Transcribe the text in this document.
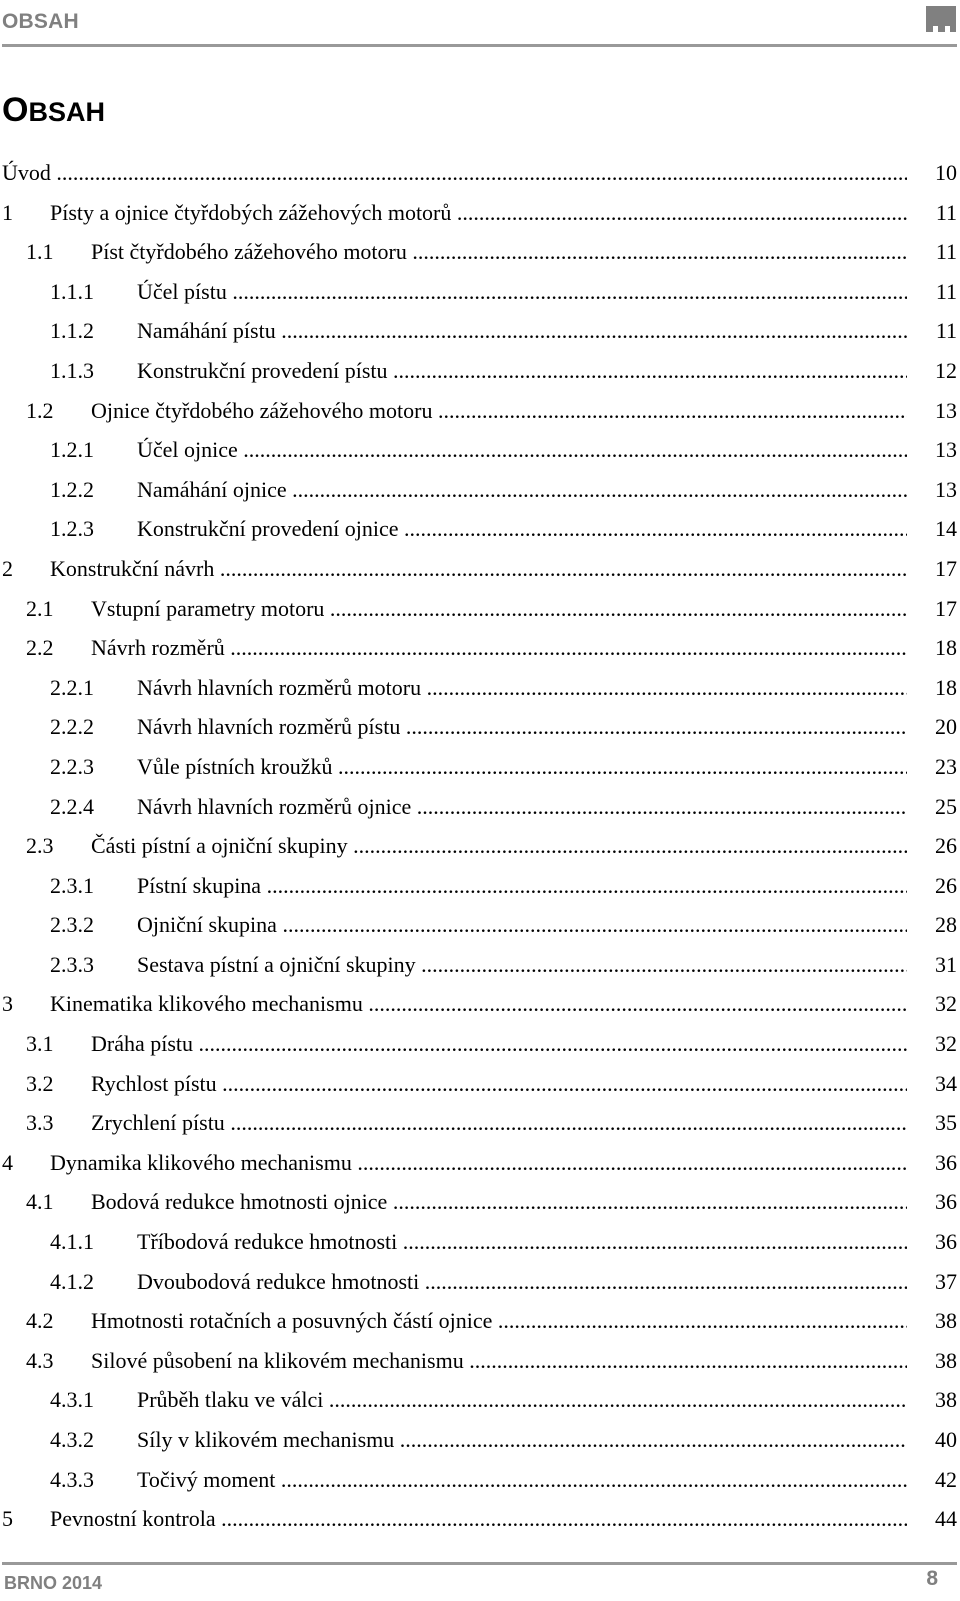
OBSAH
OBSAH
Úvod .....	10
1 Písty a ojnice čtyřdobých zážehových motorů .....	11
1.1 Píst čtyřdobého zážehového motoru .....	11
1.1.1 Účel pístu .....	11
1.1.2 Namáhání pístu .....	11
1.1.3 Konstrukční provedení pístu .....	12
1.2 Ojnice čtyřdobého zážehového motoru .....	13
1.2.1 Účel ojnice .....	13
1.2.2 Namáhání ojnice .....	13
1.2.3 Konstrukční provedení ojnice .....	14
2 Konstrukční návrh .....	17
2.1 Vstupní parametry motoru .....	17
2.2 Návrh rozměrů .....	18
2.2.1 Návrh hlavních rozměrů motoru .....	18
2.2.2 Návrh hlavních rozměrů pístu .....	20
2.2.3 Vůle pístních kroužků .....	23
2.2.4 Návrh hlavních rozměrů ojnice .....	25
2.3 Části pístní a ojniční skupiny .....	26
2.3.1 Pístní skupina .....	26
2.3.2 Ojniční skupina .....	28
2.3.3 Sestava pístní a ojniční skupiny .....	31
3 Kinematika klikového mechanismu .....	32
3.1 Dráha pístu .....	32
3.2 Rychlost pístu .....	34
3.3 Zrychlení pístu .....	35
4 Dynamika klikového mechanismu .....	36
4.1 Bodová redukce hmotnosti ojnice .....	36
4.1.1 Tříbodová redukce hmotnosti .....	36
4.1.2 Dvoubodová redukce hmotnosti .....	37
4.2 Hmotnosti rotačních a posuvných částí ojnice .....	38
4.3 Silové působení na klikovém mechanismu .....	38
4.3.1 Průběh tlaku ve válci .....	38
4.3.2 Síly v klikovém mechanismu .....	40
4.3.3 Točivý moment .....	42
5 Pevnostní kontrola .....	44
BRNO 2014	8
